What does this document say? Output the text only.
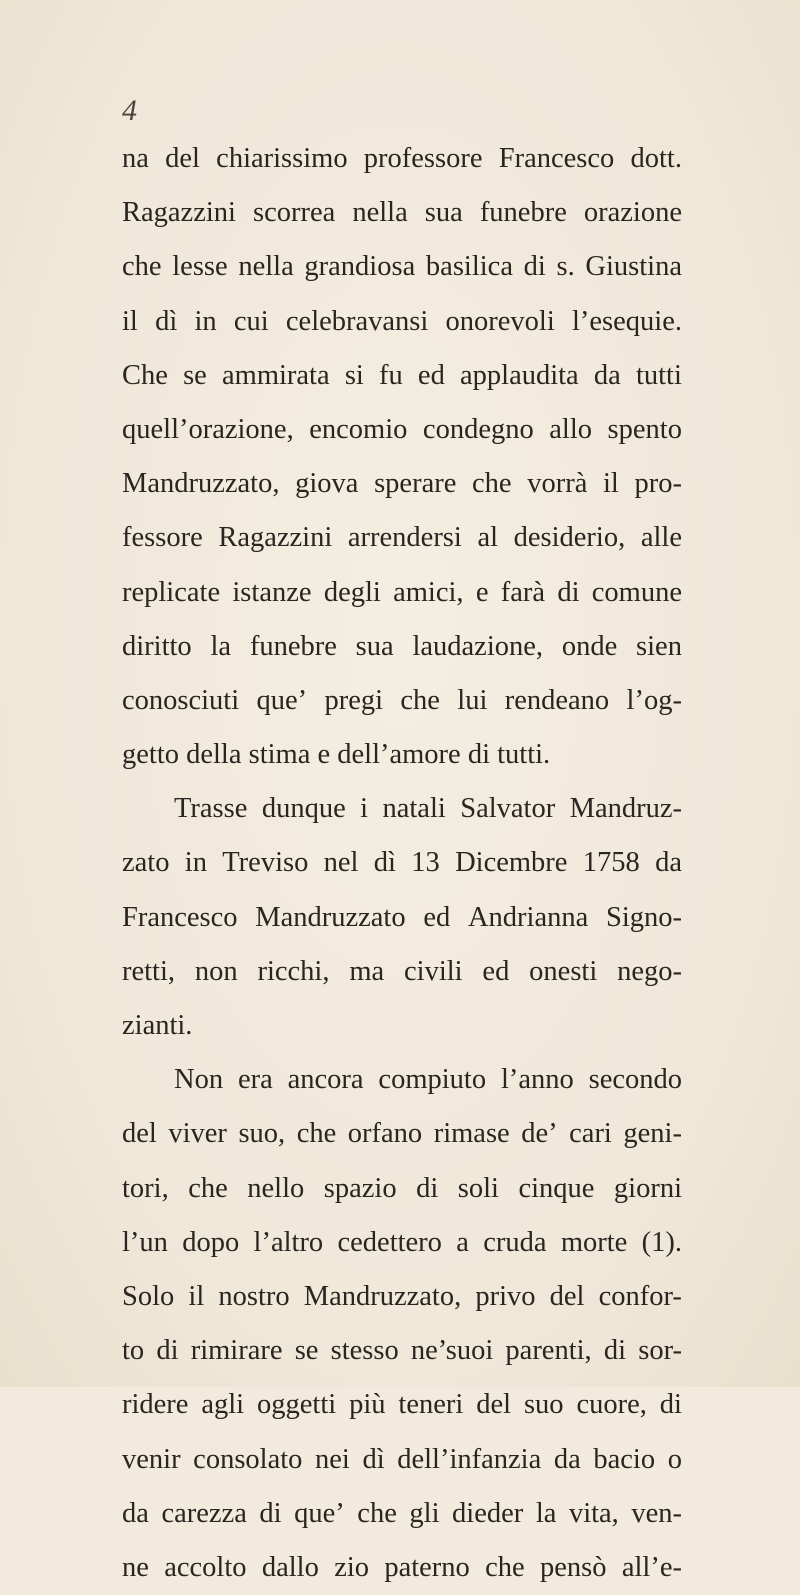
4
na del chiarissimo professore Francesco dott.
Ragazzini scorrea nella sua funebre orazione
che lesse nella grandiosa basilica di s. Giustina
il dì in cui celebravansi onorevoli l’esequie.
Che se ammirata si fu ed applaudita da tutti
quell’orazione, encomio condegno allo spento
Mandruzzato, giova sperare che vorrà il pro-
fessore Ragazzini arrendersi al desiderio, alle
replicate istanze degli amici, e farà di comune
diritto la funebre sua laudazione, onde sien
conosciuti que’ pregi che lui rendeano l’og-
getto della stima e dell’amore di tutti.
Trasse dunque i natali Salvator Mandruz-
zato in Treviso nel dì 13 Dicembre 1758 da
Francesco Mandruzzato ed Andrianna Signo-
retti, non ricchi, ma civili ed onesti nego-
zianti.
Non era ancora compiuto l’anno secondo
del viver suo, che orfano rimase de’ cari geni-
tori, che nello spazio di soli cinque giorni
l’un dopo l’altro cedettero a cruda morte (1).
Solo il nostro Mandruzzato, privo del confor-
to di rimirare se stesso ne’suoi parenti, di sor-
ridere agli oggetti più teneri del suo cuore, di
venir consolato nei dì dell’infanzia da bacio o
da carezza di que’ che gli dieder la vita, ven-
ne accolto dallo zio paterno che pensò all’e-
